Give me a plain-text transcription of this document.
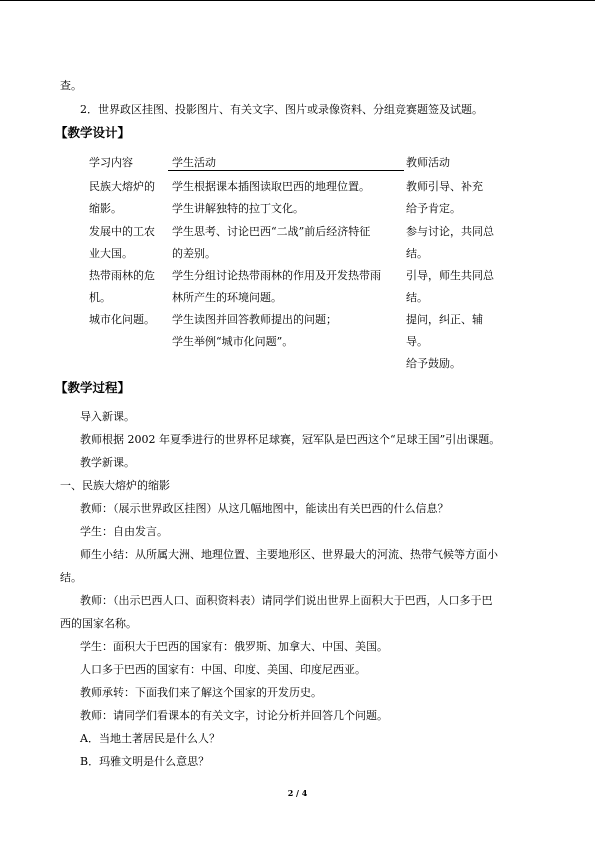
查。
2．世界政区挂图、投影图片、有关文字、图片或录像资料、分组竞赛题签及试题。
【教学设计】
学习内容	学生活动	教师活动
民族大熔炉的
缩影。
学生根据课本插图读取巴西的地理位置。
学生讲解独特的拉丁文化。
教师引导、补充
给予肯定。
发展中的工农
业大国。
学生思考、讨论巴西“二战”前后经济特征
的差别。
参与讨论，共同总
结。
热带雨林的危
机。
学生分组讨论热带雨林的作用及开发热带雨
林所产生的环境问题。
引导，师生共同总
结。
城市化问题。 学生读图并回答教师提出的问题；
学生举例“城市化问题”。
提问，纠正、辅
导。
给予鼓励。
【教学过程】
导入新课。
教师根据 2002 年夏季进行的世界杯足球赛，冠军队是巴西这个“足球王国”引出课题。
教学新课。
一、民族大熔炉的缩影
教师：（展示世界政区挂图）从这几幅地图中，能读出有关巴西的什么信息？
学生：自由发言。
师生小结：从所属大洲、地理位置、主要地形区、世界最大的河流、热带气候等方面小
结。
教师：（出示巴西人口、面积资料表）请同学们说出世界上面积大于巴西，人口多于巴
西的国家名称。
学生：面积大于巴西的国家有：俄罗斯、加拿大、中国、美国。
人口多于巴西的国家有：中国、印度、美国、印度尼西亚。
教师承转：下面我们来了解这个国家的开发历史。
教师：请同学们看课本的有关文字，讨论分析并回答几个问题。
A．当地土著居民是什么人？
B．玛雅文明是什么意思？
2 / 4
